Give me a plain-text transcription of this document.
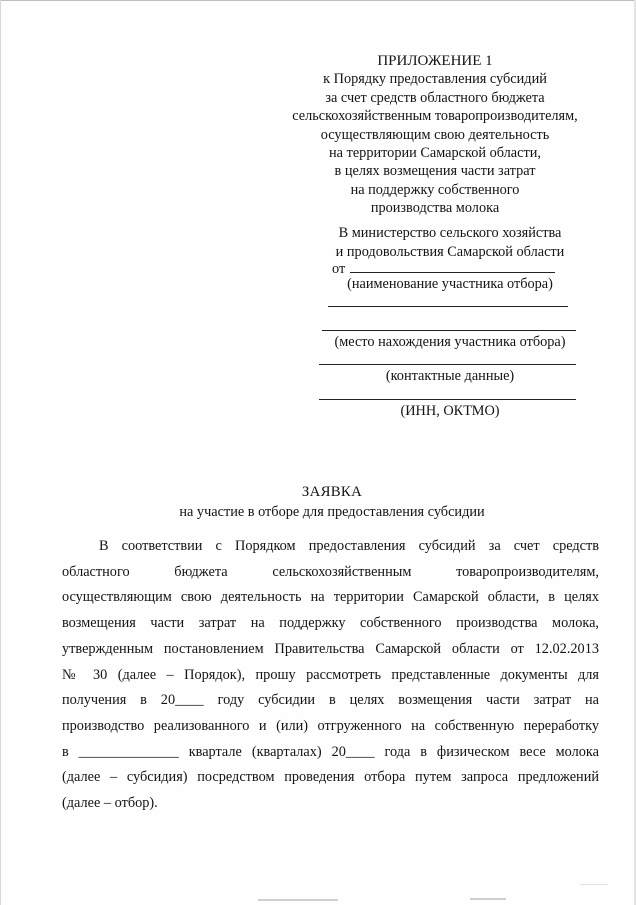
ПРИЛОЖЕНИЕ 1
к Порядку предоставления субсидий
за счет средств областного бюджета
сельскохозяйственным товаропроизводителям,
осуществляющим свою деятельность
на территории Самарской области,
в целях возмещения части затрат
на поддержку собственного
производства молока
В министерство сельского хозяйства
и продовольствия Самарской области
от
(наименование участника отбора)
(место нахождения участника отбора)
(контактные данные)
(ИНН, ОКТМО)
ЗАЯВКА
на участие в отборе для предоставления субсидии
В соответствии с Порядком предоставления субсидий за счет средств
областного бюджета сельскохозяйственным товаропроизводителям,
осуществляющим свою деятельность на территории Самарской области, в целях
возмещения части затрат на поддержку собственного производства молока,
утвержденным постановлением Правительства Самарской области от 12.02.2013
№ 30 (далее – Порядок), прошу рассмотреть представленные документы для
получения в 20____ году субсидии в целях возмещения части затрат на
производство реализованного и (или) отгруженного на собственную переработку
в ______________ квартале (кварталах) 20____ года в физическом весе молока
(далее – субсидия) посредством проведения отбора путем запроса предложений
(далее – отбор).
